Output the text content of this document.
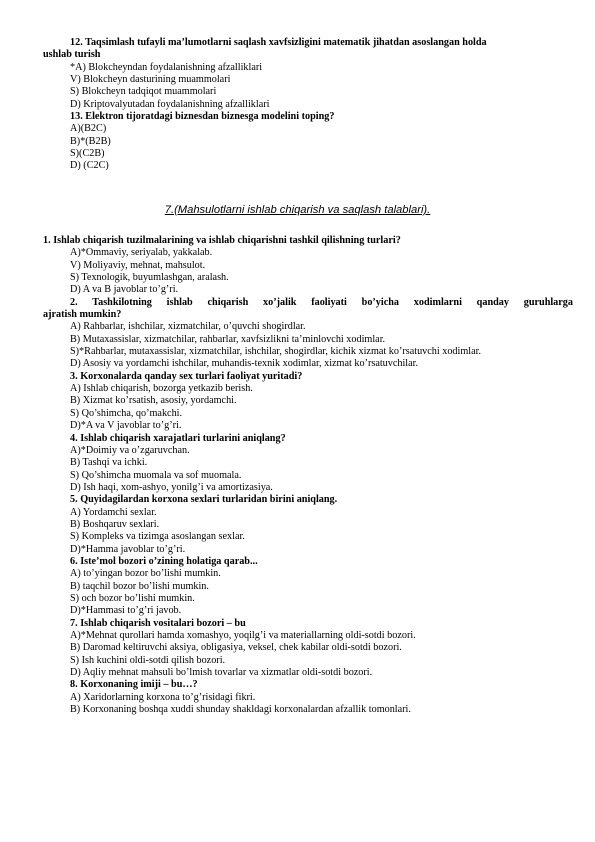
12. Taqsimlash tufayli ma’lumotlarni saqlash xavfsizligini matematik jihatdan asoslangan holda

ushlab turish

*A) Blokcheyndan foydalanishning afzalliklari

V) Blokcheyn dasturining muammolari

S) Blokcheyn tadqiqot muammolari

D) Kriptovalyutadan foydalanishning afzalliklari

13. Elektron tijoratdagi biznesdan biznesga modelini toping?

A)(B2C)

B)*(B2B)

S)(C2B)

D) (C2C)

7.(Mahsulotlarni ishlab chiqarish va saqlash talablari).

1. Ishlab chiqarish tuzilmalarining va ishlab chiqarishni tashkil qilishning turlari?

A)*Ommaviy, seriyalab, yakkalab.

V) Moliyaviy, mehnat, mahsulot.

S) Texnologik, buyumlashgan, aralash.

D) A va B javoblar to’g’ri.

2. Tashkilotning ishlab chiqarish xo’jalik faoliyati bo’yicha xodimlarni qanday guruhlarga

ajratish mumkin?

A) Rahbarlar, ishchilar, xizmatchilar, o’quvchi shogirdlar.

B) Mutaxassislar, xizmatchilar, rahbarlar, xavfsizlikni ta’minlovchi xodimlar.

S)*Rahbarlar, mutaxassislar, xizmatchilar, ishchilar, shogirdlar, kichik xizmat ko’rsatuvchi xodimlar.

D) Asosiy va yordamchi ishchilar, muhandis-texnik xodimlar, xizmat ko’rsatuvchilar.

3. Korxonalarda qanday sex turlari faoliyat yuritadi?

A) Ishlab chiqarish, bozorga yetkazib berish.

B) Xizmat ko’rsatish, asosiy, yordamchi.

S) Qo’shimcha, qo’makchi.

D)*A va V javoblar to’g’ri.

4. Ishlab chiqarish xarajatlari turlarini aniqlang?

A)*Doimiy va o’zgaruvchan.

B) Tashqi va ichki.

S) Qo’shimcha muomala va sof muomala.

D) Ish haqi, xom-ashyo, yonilg’i va amortizasiya.

5. Quyidagilardan korxona sexlari turlaridan birini aniqlang.

A) Yordamchi sexlar.

B) Boshqaruv sexlari.

S) Kompleks va tizimga asoslangan sexlar.

D)*Hamma javoblar to’g’ri.

6. Iste’mol bozori o’zining holatiga qarab...

A) to’yingan bozor bo’lishi mumkin.

B) taqchil bozor bo’lishi mumkin.

S) och bozor bo’lishi mumkin.

D)*Hammasi to’g’ri javob.

7. Ishlab chiqarish vositalari bozori – bu

A)*Mehnat qurollari hamda xomashyo, yoqilg’i va materiallarning oldi-sotdi bozori.

B) Daromad keltiruvchi aksiya, obligasiya, veksel, chek kabilar oldi-sotdi bozori.

S) Ish kuchini oldi-sotdi qilish bozori.

D) Aqliy mehnat mahsuli bo’lmish tovarlar va xizmatlar oldi-sotdi bozori.

8. Korxonaning imiji – bu…?

A) Xaridorlarning korxona to’g’risidagi fikri.

B) Korxonaning boshqa xuddi shunday shakldagi korxonalardan afzallik tomonlari.
